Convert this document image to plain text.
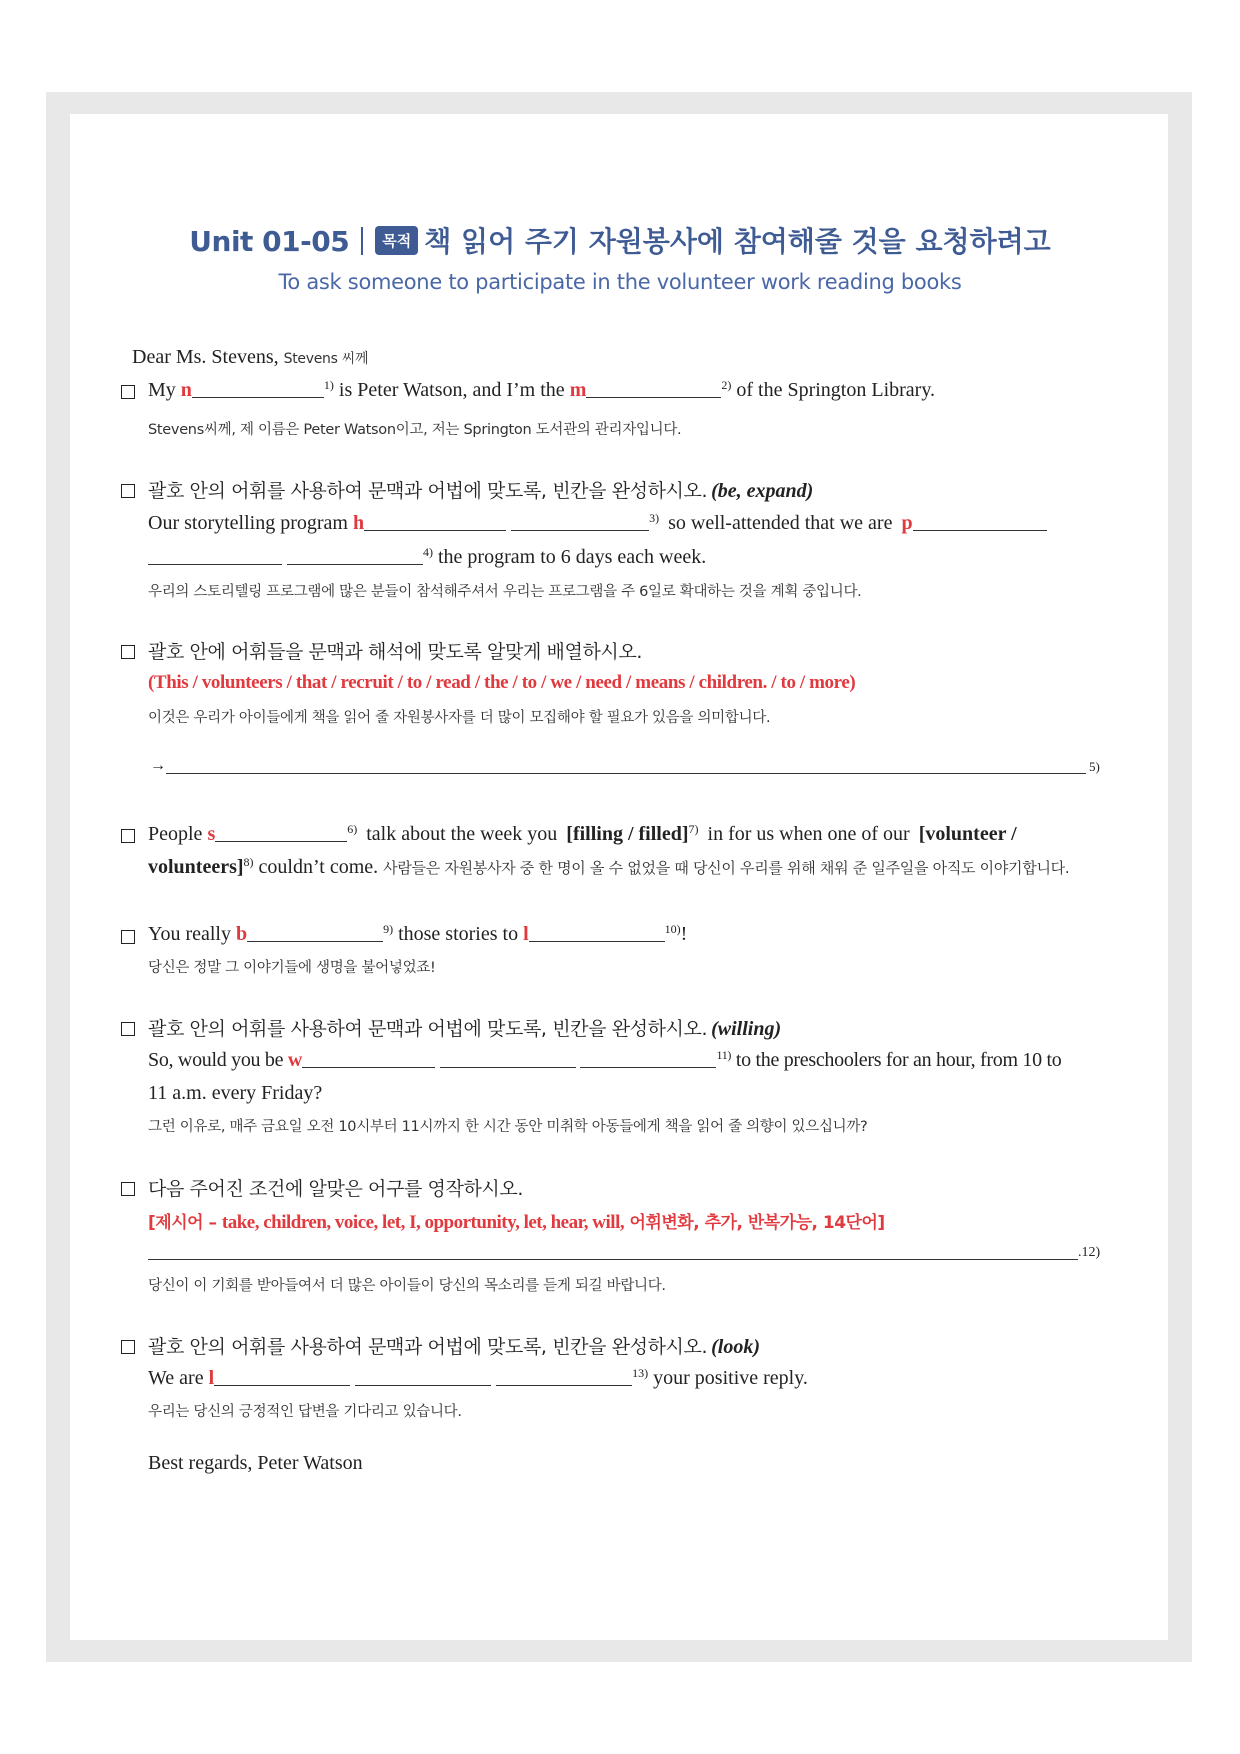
Unit 01-05 목적 책 읽어 주기 자원봉사에 참여해줄 것을 요청하려고
To ask someone to participate in the volunteer work reading books
Dear Ms. Stevens, Stevens 씨께
My n	$^{1)}$ is Peter Watson, and I’m the m	$^{2)}$ of the Springton Library.
Stevens씨께, 제 이름은 Peter Watson이고, 저는 Springton 도서관의 관리자입니다.
괄호 안의 어휘를 사용하여 문맥과 어법에 맞도록, 빈칸을 완성하시오. (be, expand)
Our storytelling program h	$^{3)}$ so well-attended that we are p
$^{4)}$ the program to 6 days each week.
우리의 스토리텔링 프로그램에 많은 분들이 참석해주셔서 우리는 프로그램을 주 6일로 확대하는 것을 계획 중입니다.
괄호 안에 어휘들을 문맥과 해석에 맞도록 알맞게 배열하시오.
(This / volunteers / that / recruit / to / read / the / to / we / need / means / children. / to / more)
이것은 우리가 아이들에게 책을 읽어 줄 자원봉사자를 더 많이 모집해야 할 필요가 있음을 의미합니다.
→	5)
People s	$^{6)}$ talk about the week you [filling / filled]$^{7)}$ in for us when one of our [volunteer /
volunteers]$^{8)}$ couldn’t come. 사람들은 자원봉사자 중 한 명이 올 수 없었을 때 당신이 우리를 위해 채워 준 일주일을 아직도 이야기합니다.
You really b	$^{9)}$ those stories to l	$^{10)}$!
당신은 정말 그 이야기들에 생명을 불어넣었죠!
괄호 안의 어휘를 사용하여 문맥과 어법에 맞도록, 빈칸을 완성하시오. (willing)
So, would you be w	$^{11)}$ to the preschoolers for an hour, from 10 to
11 a.m. every Friday?
그런 이유로, 매주 금요일 오전 10시부터 11시까지 한 시간 동안 미취학 아동들에게 책을 읽어 줄 의향이 있으십니까?
다음 주어진 조건에 알맞은 어구를 영작하시오.
[제시어 – take, children, voice, let, I, opportunity, let, hear, will, 어휘변화, 추가, 반복가능, 14단어]
.12)
당신이 이 기회를 받아들여서 더 많은 아이들이 당신의 목소리를 듣게 되길 바랍니다.
괄호 안의 어휘를 사용하여 문맥과 어법에 맞도록, 빈칸을 완성하시오. (look)
We are l	$^{13)}$ your positive reply.
우리는 당신의 긍정적인 답변을 기다리고 있습니다.
Best regards, Peter Watson
